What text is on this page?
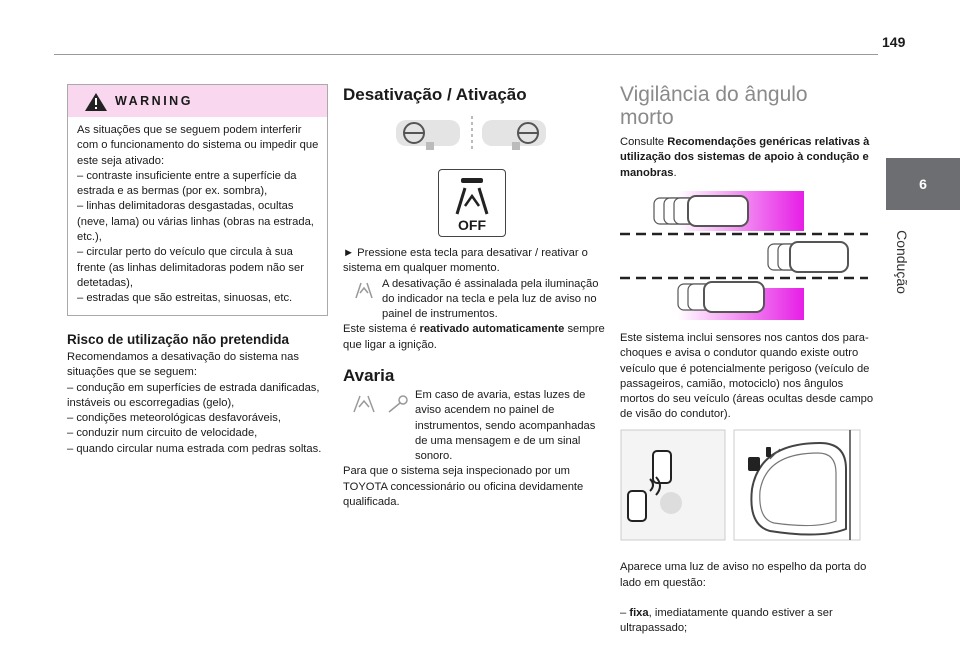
149
6
Condução
WARNING
As situações que se seguem podem interferir com o funcionamento do sistema ou impedir que este seja ativado:
– contraste insuficiente entre a superfície da estrada e as bermas (por ex. sombra),
– linhas delimitadoras desgastadas, ocultas (neve, lama) ou várias linhas (obras na estrada, etc.),
– circular perto do veículo que circula à sua frente (as linhas delimitadoras podem não ser detetadas),
– estradas que são estreitas, sinuosas, etc.
Risco de utilização não pretendida
Recomendamos a desativação do sistema nas situações que se seguem:
– condução em superfícies de estrada danificadas, instáveis ou escorregadias (gelo),
– condições meteorológicas desfavoráveis,
– conduzir num circuito de velocidade,
– quando circular numa estrada com pedras soltas.
Desativação / Ativação
OFF
► Pressione esta tecla para desativar / reativar o sistema em qualquer momento.
A desativação é assinalada pela iluminação do indicador na tecla e pela luz de aviso no painel de instrumentos.
Este sistema é reativado automaticamente sempre que ligar a ignição.
Avaria
Em caso de avaria, estas luzes de aviso acendem no painel de instrumentos, sendo acompanhadas de uma mensagem e de um sinal sonoro.
Para que o sistema seja inspecionado por um TOYOTA concessionário ou oficina devidamente qualificada.
Vigilância do ângulo morto
Consulte Recomendações genéricas relativas à utilização dos sistemas de apoio à condução e manobras.
Este sistema inclui sensores nos cantos dos para-choques e avisa o condutor quando existe outro veículo que é potencialmente perigoso (veículo de passageiros, camião, motociclo) nos ângulos mortos do seu veículo (áreas ocultas desde campo de visão do condutor).

Aparece uma luz de aviso no espelho da porta do lado em questão:

– fixa, imediatamente quando estiver a ser ultrapassado;
